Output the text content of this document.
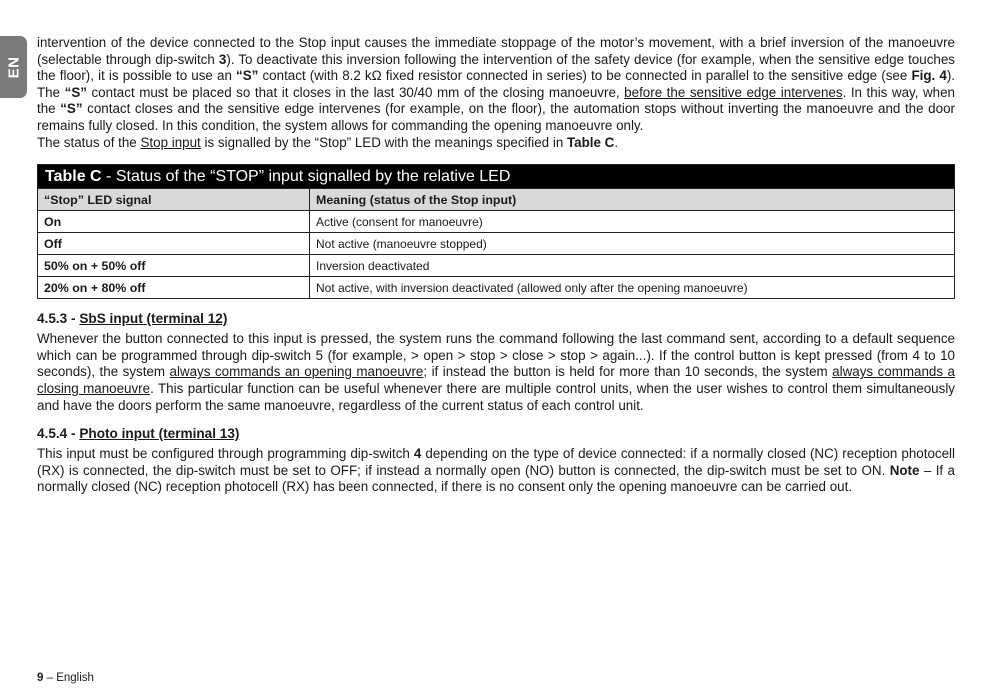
EN

intervention of the device connected to the Stop input causes the immediate stoppage of the motor’s movement, with a brief inversion of the manoeuvre (selectable through dip-switch 3). To deactivate this inversion following the intervention of the safety device (for example, when the sensitive edge touches the floor), it is possible to use an “S” contact (with 8.2 kΩ fixed resistor connected in series) to be connected in parallel to the sensitive edge (see Fig. 4). The “S” contact must be placed so that it closes in the last 30/40 mm of the closing manoeuvre, before the sensitive edge intervenes. In this way, when the “S” contact closes and the sensitive edge intervenes (for example, on the floor), the automation stops without inverting the manoeuvre and the door remains fully closed. In this condition, the system allows for commanding the opening manoeuvre only.

The status of the Stop input is signalled by the “Stop” LED with the meanings specified in Table C.

Table C - Status of the “STOP” input signalled by the relative LED	
“Stop” LED signal	Meaning (status of the Stop input)
On	Active (consent for manoeuvre)
Off	Not active (manoeuvre stopped)
50% on + 50% off	Inversion deactivated
20% on + 80% off	Not active, with inversion deactivated (allowed only after the opening manoeuvre)
4.5.3 - SbS input (terminal 12)

Whenever the button connected to this input is pressed, the system runs the command following the last command sent, according to a default sequence which can be programmed through dip-switch 5 (for example, > open > stop > close > stop > again...). If the control button is kept pressed (from 4 to 10 seconds), the system always commands an opening manoeuvre; if instead the button is held for more than 10 seconds, the system always commands a closing manoeuvre. This particular function can be useful whenever there are multiple control units, when the user wishes to control them simultaneously and have the doors perform the same manoeuvre, regardless of the current status of each control unit.

4.5.4 - Photo input (terminal 13)

This input must be configured through programming dip-switch 4 depending on the type of device connected: if a normally closed (NC) reception photocell (RX) is connected, the dip-switch must be set to OFF; if instead a normally open (NO) button is connected, the dip-switch must be set to ON. Note – If a normally closed (NC) reception photocell (RX) has been connected, if there is no consent only the opening manoeuvre can be carried out.

9 – English
